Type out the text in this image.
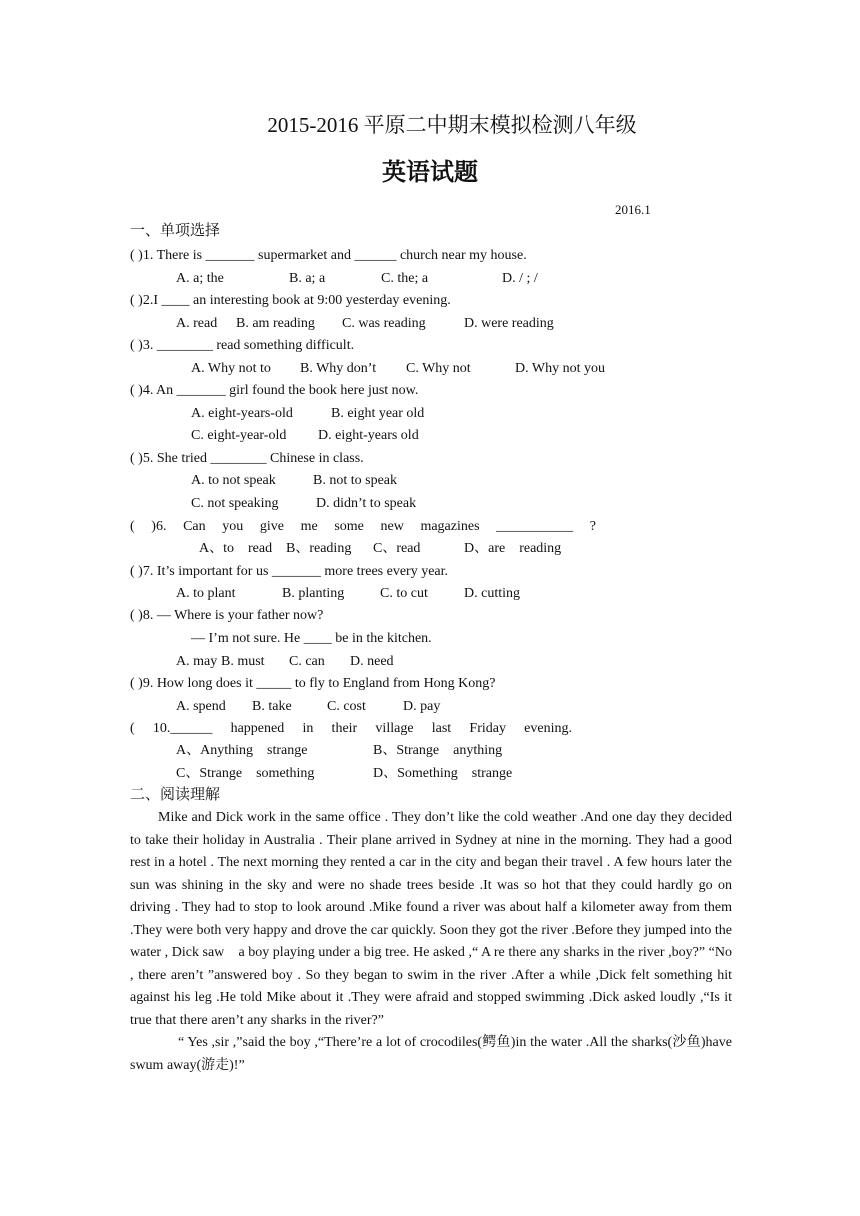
2015-2016 平原二中期末模拟检测八年级
英语试题
2016.1
一、单项选择
( )1. There is _______ supermarket and ______ church near my house.
A. a; the	B. a; a	C. the; a	D. / ; /
( )2.I ____ an interesting book at 9:00 yesterday evening.
A. read B. am reading C. was reading	D. were reading
( )3. ________ read something difficult.
A. Why not to B. Why don’t C. Why not	D. Why not you
( )4. An _______ girl found the book here just now.
A. eight-years-old	B. eight year old
C. eight-year-old D. eight-years old
( )5. She tried ________ Chinese in class.
A. to not speak	B. not to speak
C. not speaking	D. didn’t to speak
( )6. Can you give me some new magazines ___________ ?
A、to　read B、reading C、read	D、are　reading
( )7. It’s important for us _______ more trees every year.
A. to plant	B. planting	C. to cut	D. cutting
( )8. — Where is your father now?
— I’m not sure. He ____ be in the kitchen.
A. may B. must C. can D. need
( )9. How long does it _____ to fly to England from Hong Kong?
A. spend B. take	C. cost	D. pay
( 10.______ happened in their village last Friday evening.
A、Anything　strange	B、Strange　anything
C、Strange　something	D、Something　strange
二、阅读理解

Mike and Dick work in the same office . They don’t like the cold weather .And one day they decided to take their holiday in Australia . Their plane arrived in Sydney at nine in the morning. They had a good rest in a hotel . The next morning they rented a car in the city and began their travel . A few hours later the sun was shining in the sky and were no shade trees beside .It was so hot that they could hardly go on driving . They had to stop to look around .Mike found a river was about half a kilometer away from them .They were both very happy and drove the car quickly. Soon they got the river .Before they jumped into the water , Dick saw　a boy playing under a big tree. He asked ,“ A re there any sharks in the river ,boy?” “No , there aren’t ”answered boy . So they began to swim in the river .After a while ,Dick felt something hit against his leg .He told Mike about it .They were afraid and stopped swimming .Dick asked loudly ,“Is it true that there aren’t any sharks in the river?”

“ Yes ,sir ,”said the boy ,“There’re a lot of crocodiles(鳄鱼)in the water .All the sharks(沙鱼)have swum away(游走)!”
